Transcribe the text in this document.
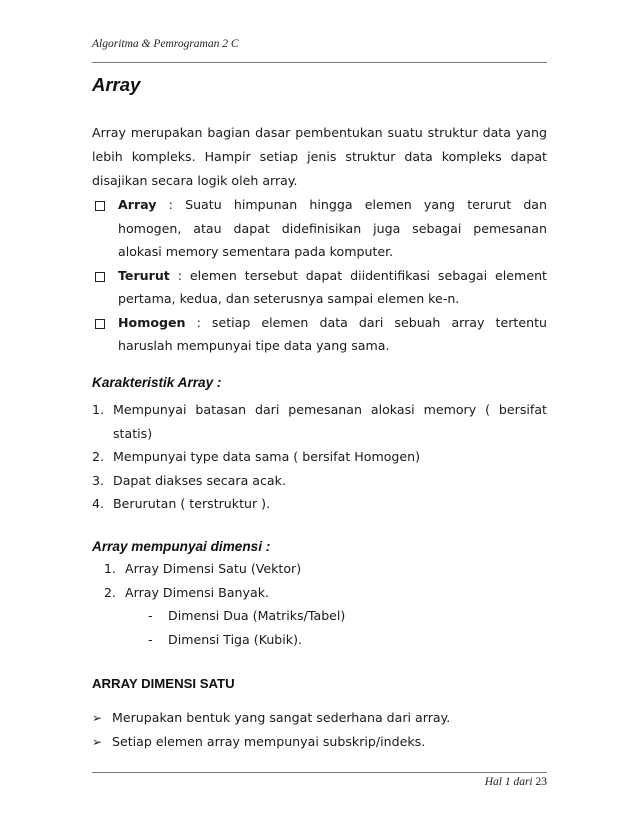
Algoritma & Pemrograman 2 C
Array
Array merupakan bagian dasar pembentukan suatu struktur data yang
lebih kompleks. Hampir setiap jenis struktur data kompleks dapat
disajikan secara logik oleh array.
Array : Suatu himpunan hingga elemen yang terurut dan homogen, atau dapat didefinisikan juga sebagai pemesanan alokasi memory sementara pada komputer.
Terurut : elemen tersebut dapat diidentifikasi sebagai element pertama, kedua, dan seterusnya sampai elemen ke-n.
Homogen : setiap elemen data dari sebuah array tertentu haruslah mempunyai tipe data yang sama.
Karakteristik Array :
1. Mempunyai batasan dari pemesanan alokasi memory ( bersifat statis)
2. Mempunyai type data sama ( bersifat Homogen)
3. Dapat diakses secara acak.
4. Berurutan ( terstruktur ).
Array mempunyai dimensi :
1. Array Dimensi Satu (Vektor)
2. Array Dimensi Banyak.
-	Dimensi Dua (Matriks/Tabel)
-	Dimensi Tiga (Kubik).
ARRAY DIMENSI SATU
➢ Merupakan bentuk yang sangat sederhana dari array.
➢ Setiap elemen array mempunyai subskrip/indeks.
Hal 1 dari 23
